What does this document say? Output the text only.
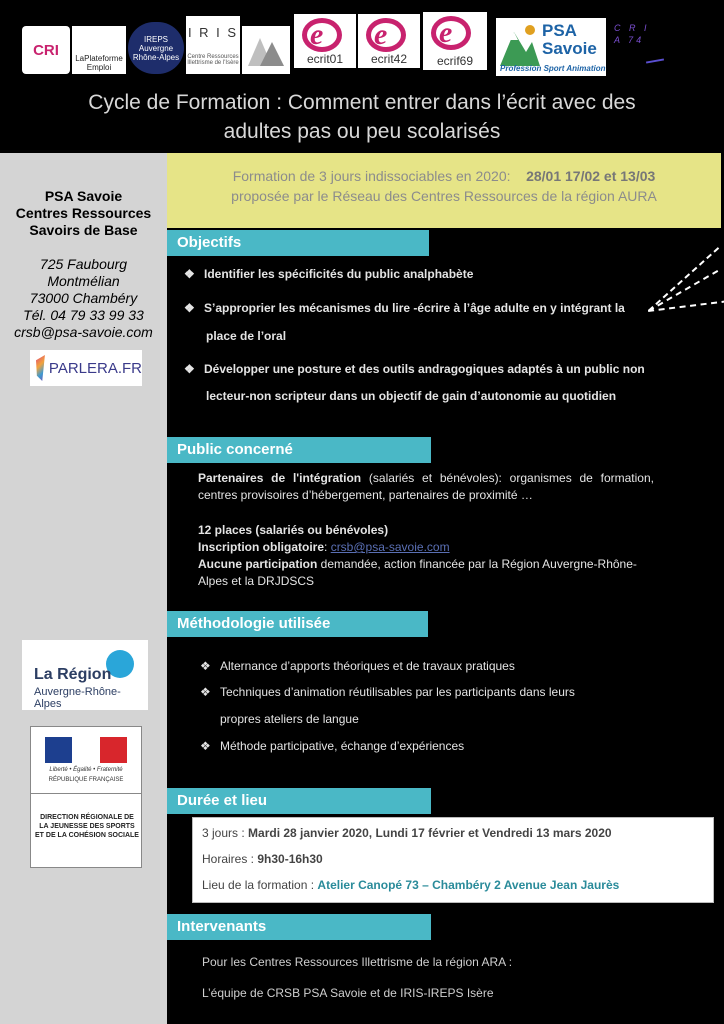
CRI	LaPlateforme Emploi
IREPS Auvergne Rhône-Alpes
I R I S
Centre Ressources Illettrisme de l'Isère
e
ecrit01
e
ecrit42
e
ecrif69
PSA Savoie
Profession Sport Animation
C R I A 74
Cycle de Formation : Comment entrer dans l’écrit avec des
adultes pas ou peu scolarisés
PSA Savoie
Centres Ressources
Savoirs de Base
725 Faubourg
Montmélian
73000 Chambéry
Tél. 04 79 33 99 33
crsb@psa-savoie.com
PARLERA.FR
La Région
Auvergne-Rhône-Alpes
Liberté • Égalité • Fraternité
RÉPUBLIQUE FRANÇAISE
DIRECTION RÉGIONALE DE LA JEUNESSE DES SPORTS ET DE LA COHÉSION SOCIALE
Formation de 3 jours indissociables en 2020: 28/01 17/02 et 13/03
proposée par le Réseau des Centres Ressources de la région AURA
Objectifs
❖ Identifier les spécificités du public analphabète
❖ S’approprier les mécanismes du lire -écrire à l’âge adulte en y intégrant la
place de l’oral
❖ Développer une posture et des outils andragogiques adaptés à un public non
lecteur-non scripteur dans un objectif de gain d’autonomie au quotidien
Public concerné
Partenaires de l'intégration (salariés et bénévoles): organismes de formation, centres provisoires d’hébergement, partenaires de proximité …
12 places (salariés ou bénévoles)
Inscription obligatoire: crsb@psa-savoie.com
Aucune participation demandée, action financée par la Région Auvergne-Rhône-Alpes et la DRJDSCS
Méthodologie utilisée
❖ Alternance d’apports théoriques et de travaux pratiques
❖ Techniques d’animation réutilisables par les participants dans leurs
propres ateliers de langue
❖ Méthode participative, échange d’expériences
Durée et lieu
3 jours : Mardi 28 janvier 2020, Lundi 17 février et Vendredi 13 mars 2020
Horaires : 9h30-16h30
Lieu de la formation : Atelier Canopé 73 – Chambéry 2 Avenue Jean Jaurès
Intervenants
Pour les Centres Ressources Illettrisme de la région ARA :
L’équipe de CRSB PSA Savoie et de IRIS-IREPS Isère
